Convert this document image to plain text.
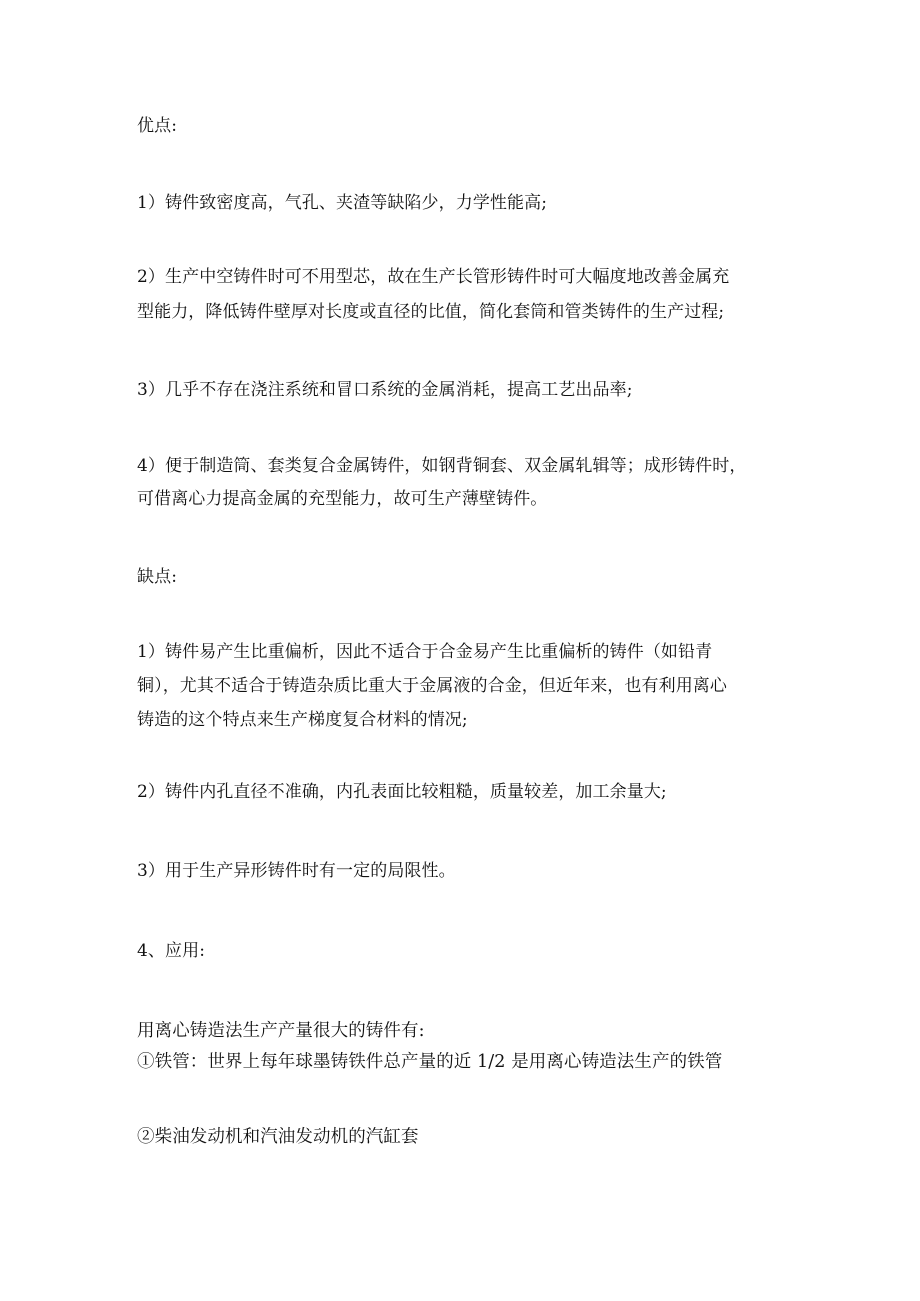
优点:
1）铸件致密度高，气孔、夹渣等缺陷少，力学性能高;
2）生产中空铸件时可不用型芯，故在生产长管形铸件时可大幅度地改善金属充
型能力，降低铸件壁厚对长度或直径的比值，简化套筒和管类铸件的生产过程;
3）几乎不存在浇注系统和冒口系统的金属消耗，提高工艺出品率;
4）便于制造筒、套类复合金属铸件，如钢背铜套、双金属轧辑等；成形铸件时，
可借离心力提高金属的充型能力，故可生产薄壁铸件。
缺点:
1）铸件易产生比重偏析，因此不适合于合金易产生比重偏析的铸件（如铅青
铜），尤其不适合于铸造杂质比重大于金属液的合金，但近年来，也有利用离心
铸造的这个特点来生产梯度复合材料的情况;
2）铸件内孔直径不准确，内孔表面比较粗糙，质量较差，加工余量大;
3）用于生产异形铸件时有一定的局限性。
4、应用:
用离心铸造法生产产量很大的铸件有:
①铁管：世界上每年球墨铸铁件总产量的近 1/2 是用离心铸造法生产的铁管
②柴油发动机和汽油发动机的汽缸套
